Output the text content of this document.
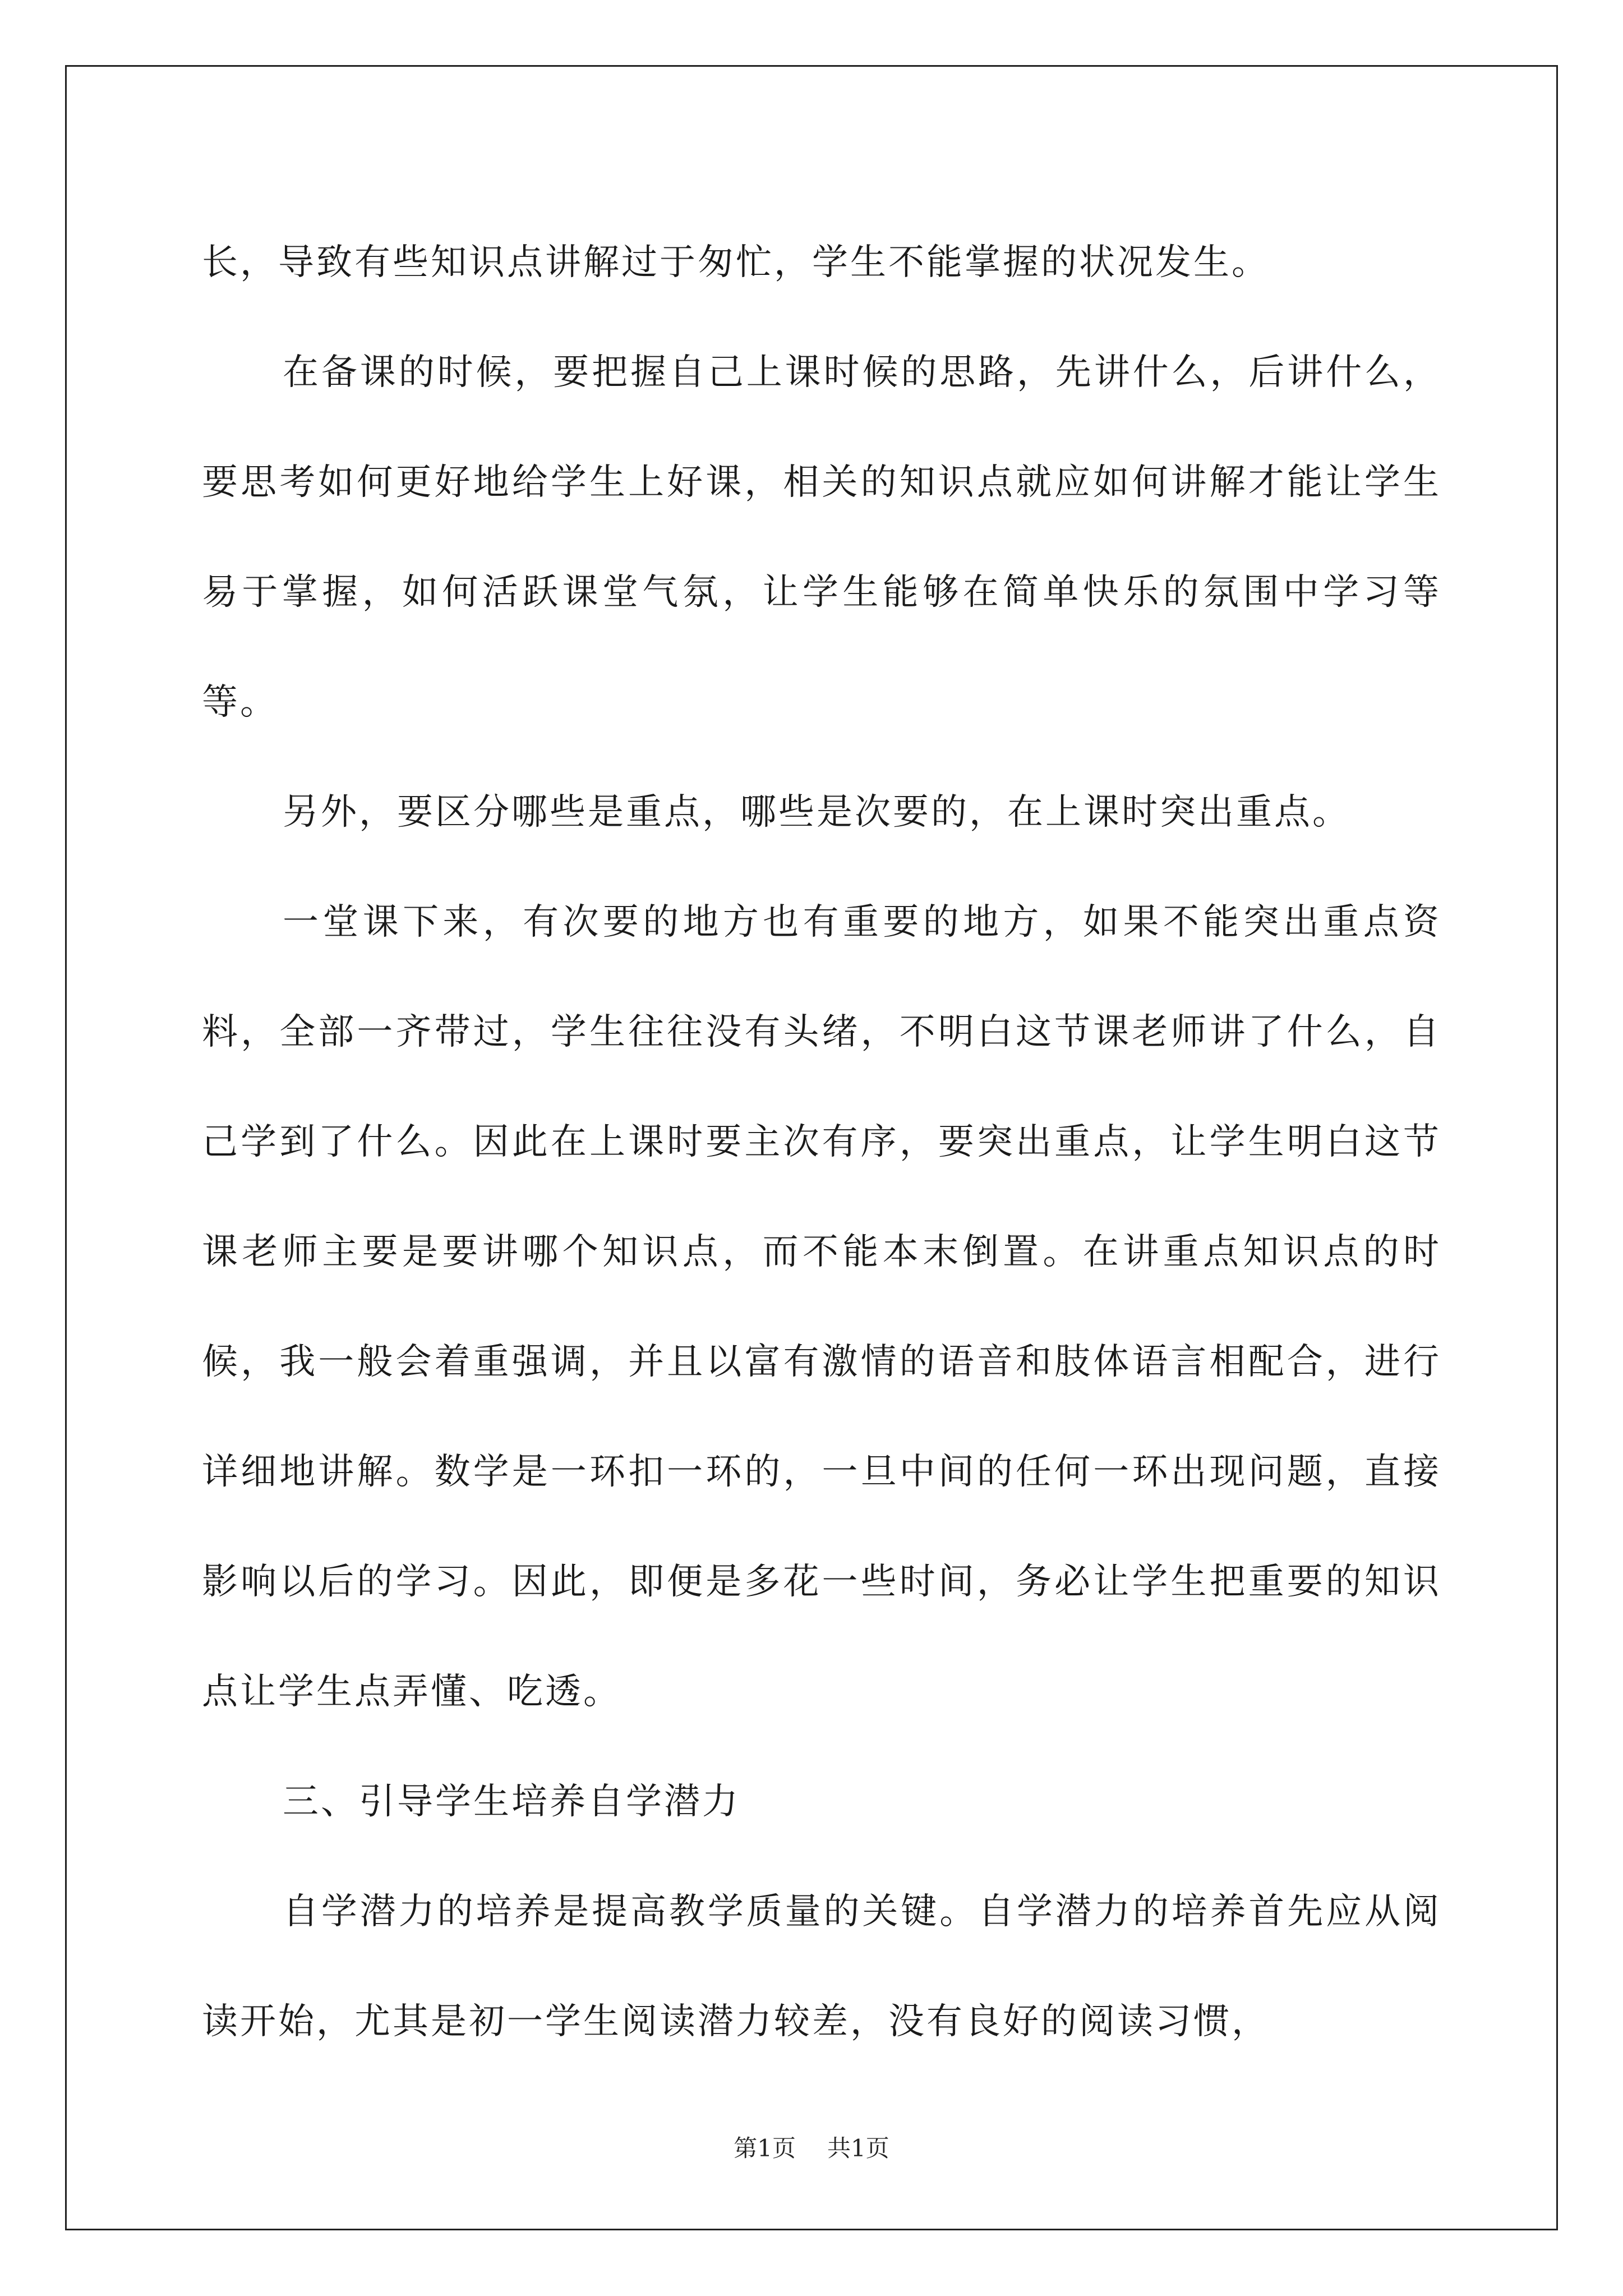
长，导致有些知识点讲解过于匆忙，学生不能掌握的状况发生。

在备课的时候，要把握自己上课时候的思路，先讲什么，后讲什么，要思考如何更好地给学生上好课，相关的知识点就应如何讲解才能让学生易于掌握，如何活跃课堂气氛，让学生能够在简单快乐的氛围中学习等等。

另外，要区分哪些是重点，哪些是次要的，在上课时突出重点。

一堂课下来，有次要的地方也有重要的地方，如果不能突出重点资料，全部一齐带过，学生往往没有头绪，不明白这节课老师讲了什么，自己学到了什么。因此在上课时要主次有序，要突出重点，让学生明白这节课老师主要是要讲哪个知识点，而不能本末倒置。在讲重点知识点的时候，我一般会着重强调，并且以富有激情的语音和肢体语言相配合，进行详细地讲解。数学是一环扣一环的，一旦中间的任何一环出现问题，直接影响以后的学习。因此，即便是多花一些时间，务必让学生把重要的知识点让学生点弄懂、吃透。

三、引导学生培养自学潜力

自学潜力的培养是提高教学质量的关键。自学潜力的培养首先应从阅读开始，尤其是初一学生阅读潜力较差，没有良好的阅读习惯，

第1页 共1页
